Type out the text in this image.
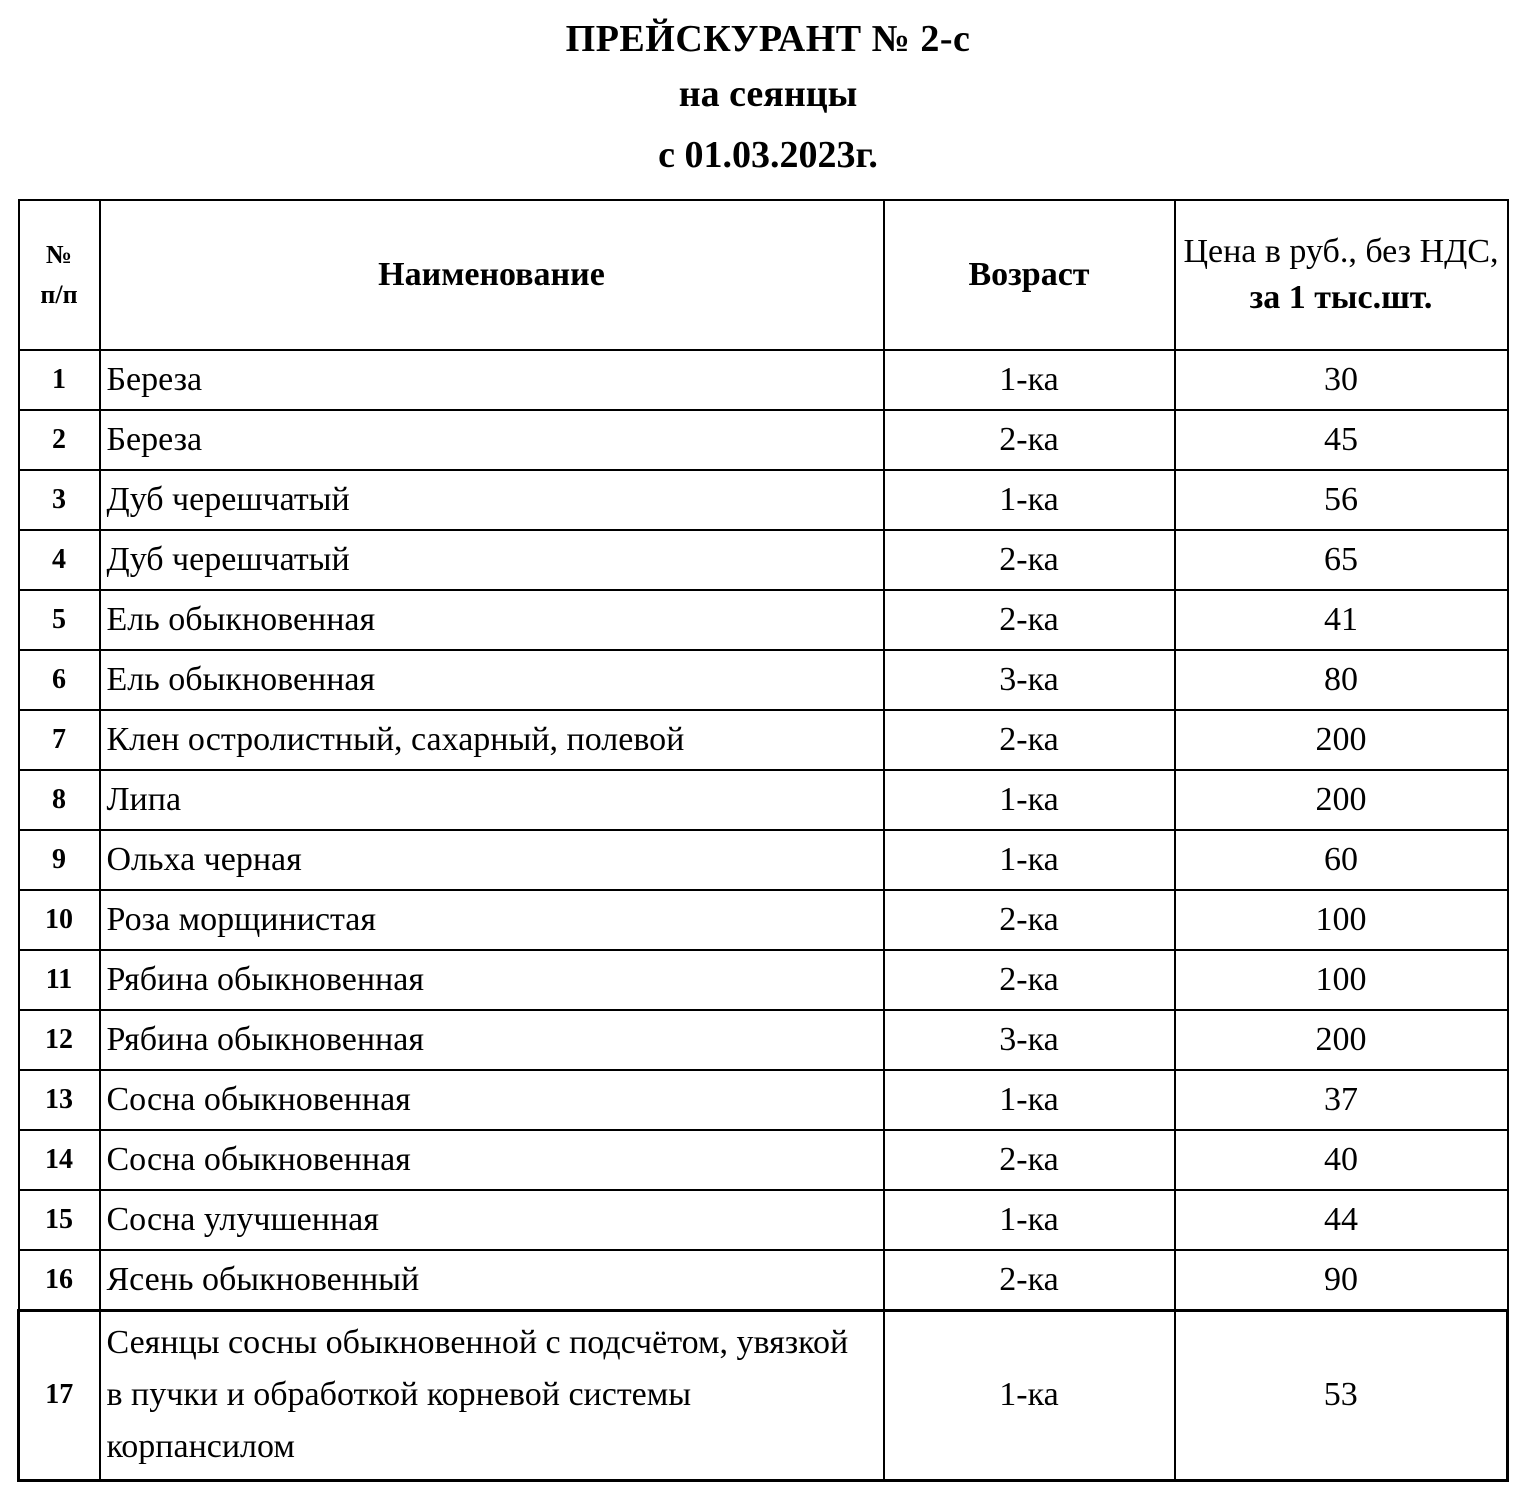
ПРЕЙСКУРАНТ № 2-с
на сеянцы
с 01.03.2023г.
№
п/п	Наименование	Возраст	Цена в руб., без НДС, за 1 тыс.шт.
1	Береза	1-ка	30
2	Береза	2-ка	45
3	Дуб черешчатый	1-ка	56
4	Дуб черешчатый	2-ка	65
5	Ель обыкновенная	2-ка	41
6	Ель обыкновенная	3-ка	80
7	Клен остролистный, сахарный, полевой	2-ка	200
8	Липа	1-ка	200
9	Ольха черная	1-ка	60
10	Роза морщинистая	2-ка	100
11	Рябина обыкновенная	2-ка	100
12	Рябина обыкновенная	3-ка	200
13	Сосна обыкновенная	1-ка	37
14	Сосна обыкновенная	2-ка	40
15	Сосна улучшенная	1-ка	44
16	Ясень обыкновенный	2-ка	90
17	Сеянцы сосны обыкновенной с подсчётом, увязкой в пучки и обработкой корневой системы корпансилом	1-ка	53
